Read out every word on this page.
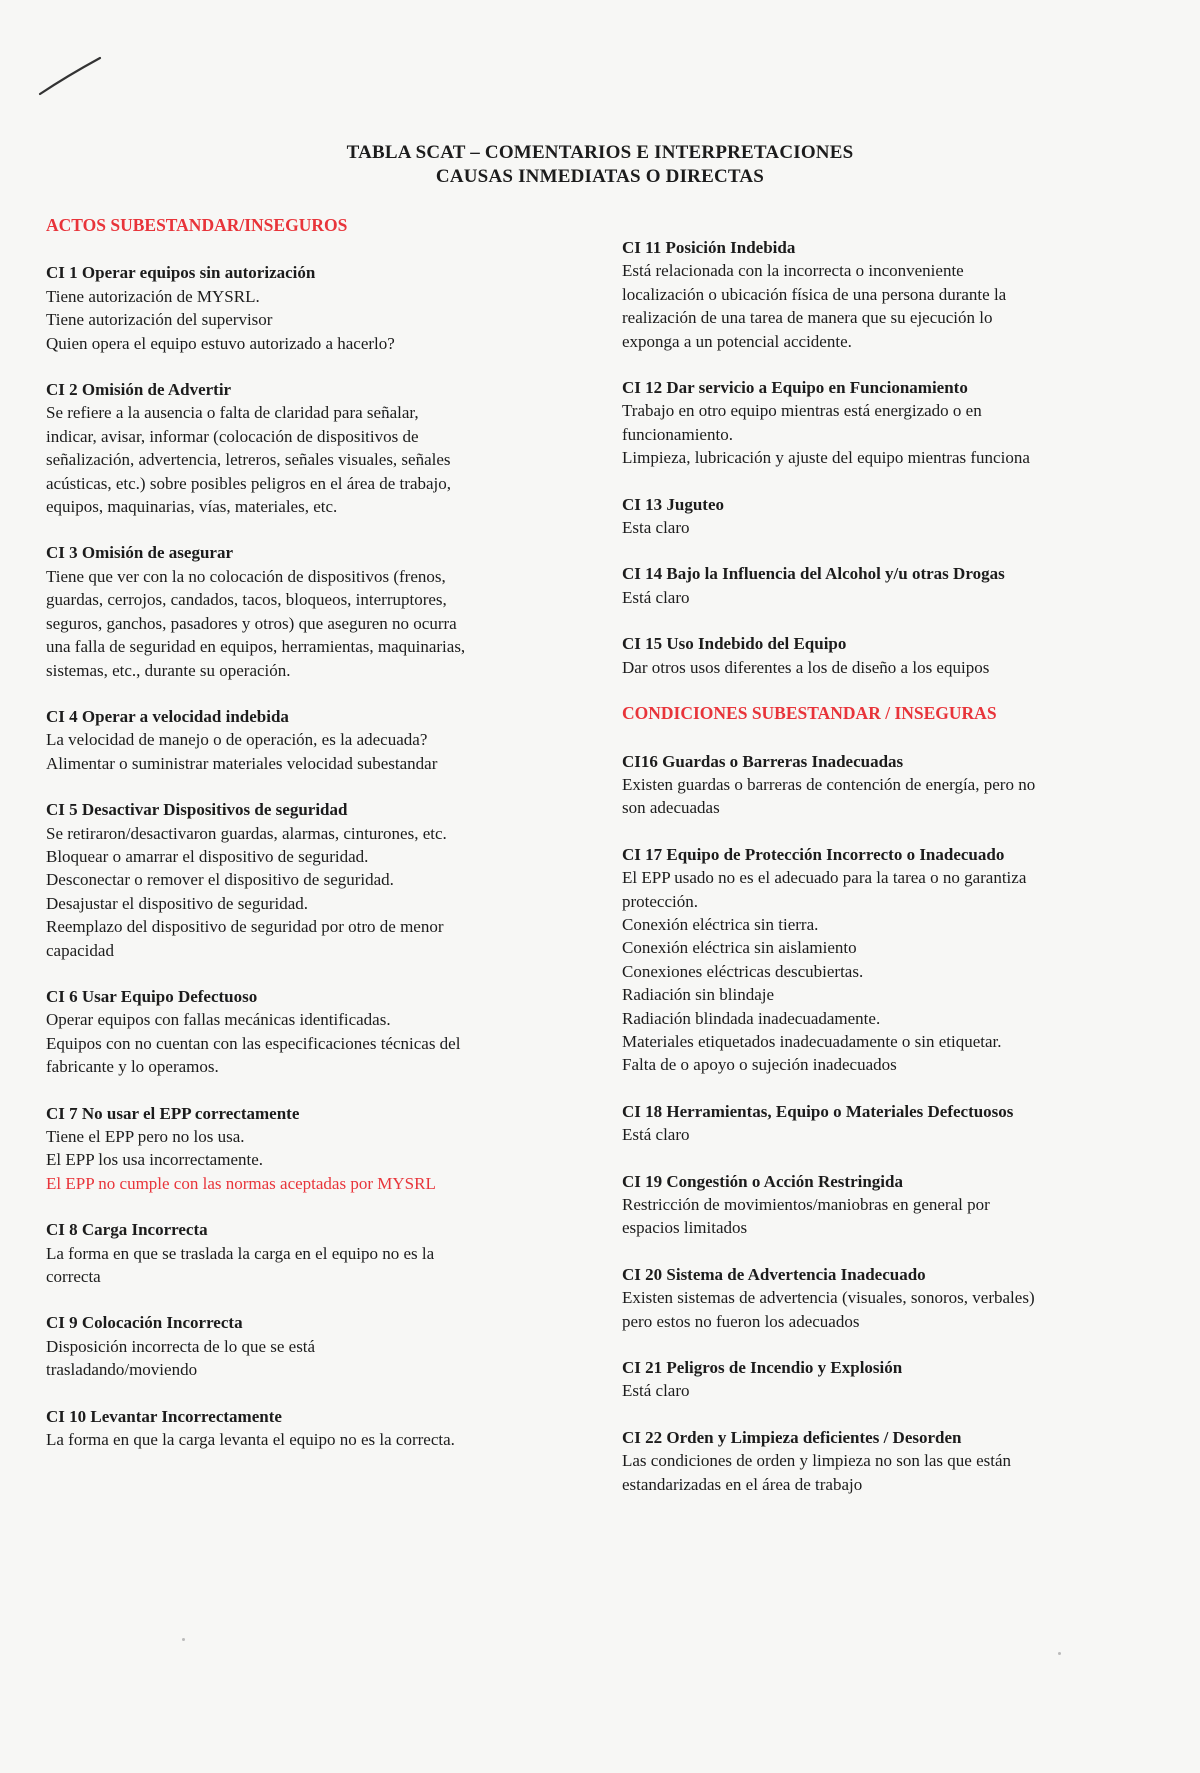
TABLA SCAT – COMENTARIOS E INTERPRETACIONES
CAUSAS INMEDIATAS O DIRECTAS
ACTOS SUBESTANDAR/INSEGUROS
CI 1 Operar equipos sin autorización
Tiene autorización de MYSRL.
Tiene autorización del supervisor
Quien opera el equipo estuvo autorizado a hacerlo?
CI 2 Omisión de Advertir
Se refiere a la ausencia o falta de claridad para señalar,
indicar, avisar, informar (colocación de dispositivos de
señalización, advertencia, letreros, señales visuales, señales
acústicas, etc.) sobre posibles peligros en el área de trabajo,
equipos, maquinarias, vías, materiales, etc.
CI 3 Omisión de asegurar
Tiene que ver con la no colocación de dispositivos (frenos,
guardas, cerrojos, candados, tacos, bloqueos, interruptores,
seguros, ganchos, pasadores y otros) que aseguren no ocurra
una falla de seguridad en equipos, herramientas, maquinarias,
sistemas, etc., durante su operación.
CI 4 Operar a velocidad indebida
La velocidad de manejo o de operación, es la adecuada?
Alimentar o suministrar materiales velocidad subestandar
CI 5 Desactivar Dispositivos de seguridad
Se retiraron/desactivaron guardas, alarmas, cinturones, etc.
Bloquear o amarrar el dispositivo de seguridad.
Desconectar o remover el dispositivo de seguridad.
Desajustar el dispositivo de seguridad.
Reemplazo del dispositivo de seguridad por otro de menor
capacidad
CI 6 Usar Equipo Defectuoso
Operar equipos con fallas mecánicas identificadas.
Equipos con no cuentan con las especificaciones técnicas del
fabricante y lo operamos.
CI 7 No usar el EPP correctamente
Tiene el EPP pero no los usa.
El EPP los usa incorrectamente.
El EPP no cumple con las normas aceptadas por MYSRL
CI 8 Carga Incorrecta
La forma en que se traslada la carga en el equipo no es la
correcta
CI 9 Colocación Incorrecta
Disposición incorrecta de lo que se está
trasladando/moviendo
CI 10 Levantar Incorrectamente
La forma en que la carga levanta el equipo no es la correcta.
CI 11 Posición Indebida
Está relacionada con la incorrecta o inconveniente
localización o ubicación física de una persona durante la
realización de una tarea de manera que su ejecución lo
exponga a un potencial accidente.
CI 12 Dar servicio a Equipo en Funcionamiento
Trabajo en otro equipo mientras está energizado o en
funcionamiento.
Limpieza, lubricación y ajuste del equipo mientras funciona
CI 13 Juguteo
Esta claro
CI 14 Bajo la Influencia del Alcohol y/u otras Drogas
Está claro
CI 15 Uso Indebido del Equipo
Dar otros usos diferentes a los de diseño a los equipos
CONDICIONES SUBESTANDAR / INSEGURAS
CI16 Guardas o Barreras Inadecuadas
Existen guardas o barreras de contención de energía, pero no
son adecuadas
CI 17 Equipo de Protección Incorrecto o Inadecuado
El EPP usado no es el adecuado para la tarea o no garantiza
protección.
Conexión eléctrica sin tierra.
Conexión eléctrica sin aislamiento
Conexiones eléctricas descubiertas.
Radiación sin blindaje
Radiación blindada inadecuadamente.
Materiales etiquetados inadecuadamente o sin etiquetar.
Falta de o apoyo o sujeción inadecuados
CI 18 Herramientas, Equipo o Materiales Defectuosos
Está claro
CI 19 Congestión o Acción Restringida
Restricción de movimientos/maniobras en general por
espacios limitados
CI 20 Sistema de Advertencia Inadecuado
Existen sistemas de advertencia (visuales, sonoros, verbales)
pero estos no fueron los adecuados
CI 21 Peligros de Incendio y Explosión
Está claro
CI 22 Orden y Limpieza deficientes / Desorden
Las condiciones de orden y limpieza no son las que están
estandarizadas en el área de trabajo
